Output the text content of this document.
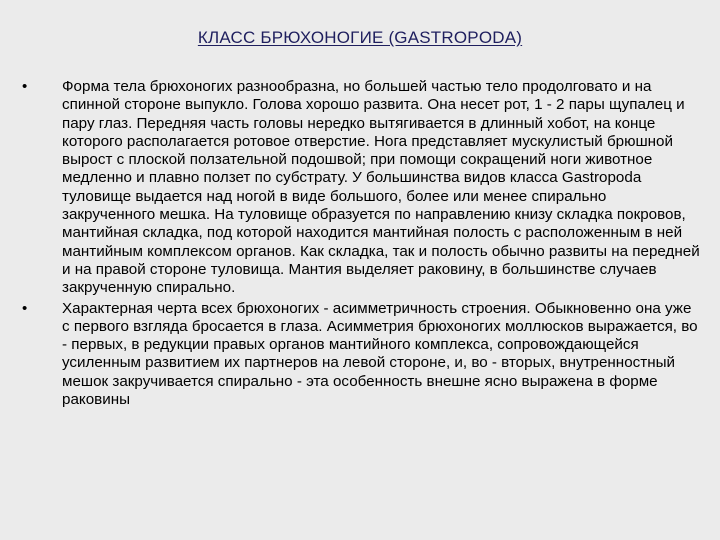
КЛАСС БРЮХОНОГИЕ (GASTROPODA)
•	Форма тела брюхоногих разнообразна, но большей частью тело продолговато и на спинной стороне выпукло. Голова хорошо развита. Она несет рот, 1 - 2 пары щупалец и пару глаз. Передняя часть головы нередко вытягивается в длинный хобот, на конце которого располагается ротовое отверстие. Нога представляет мускулистый брюшной вырост с плоской ползательной подошвой; при помощи сокращений ноги животное медленно и плавно ползет по субстрату. У большинства видов класса Gastropoda туловище выдается над ногой в виде большого, более или менее спирально закрученного мешка. На туловище образуется по направлению книзу складка покровов, мантийная складка, под которой находится мантийная полость с расположенным в ней мантийным комплексом органов. Как складка, так и полость обычно развиты на передней и на правой стороне туловища. Мантия выделяет раковину, в большинстве случаев закрученную спирально.
•	Характерная черта всех брюхоногих - асимметричность строения. Обыкновенно она уже с первого взгляда бросается в глаза. Асимметрия брюхоногих моллюсков выражается, во - первых, в редукции правых органов мантийного комплекса, сопровождающейся усиленным развитием их партнеров на левой стороне, и, во - вторых, внутренностный мешок закручивается спирально - эта особенность внешне ясно выражена в форме раковины
